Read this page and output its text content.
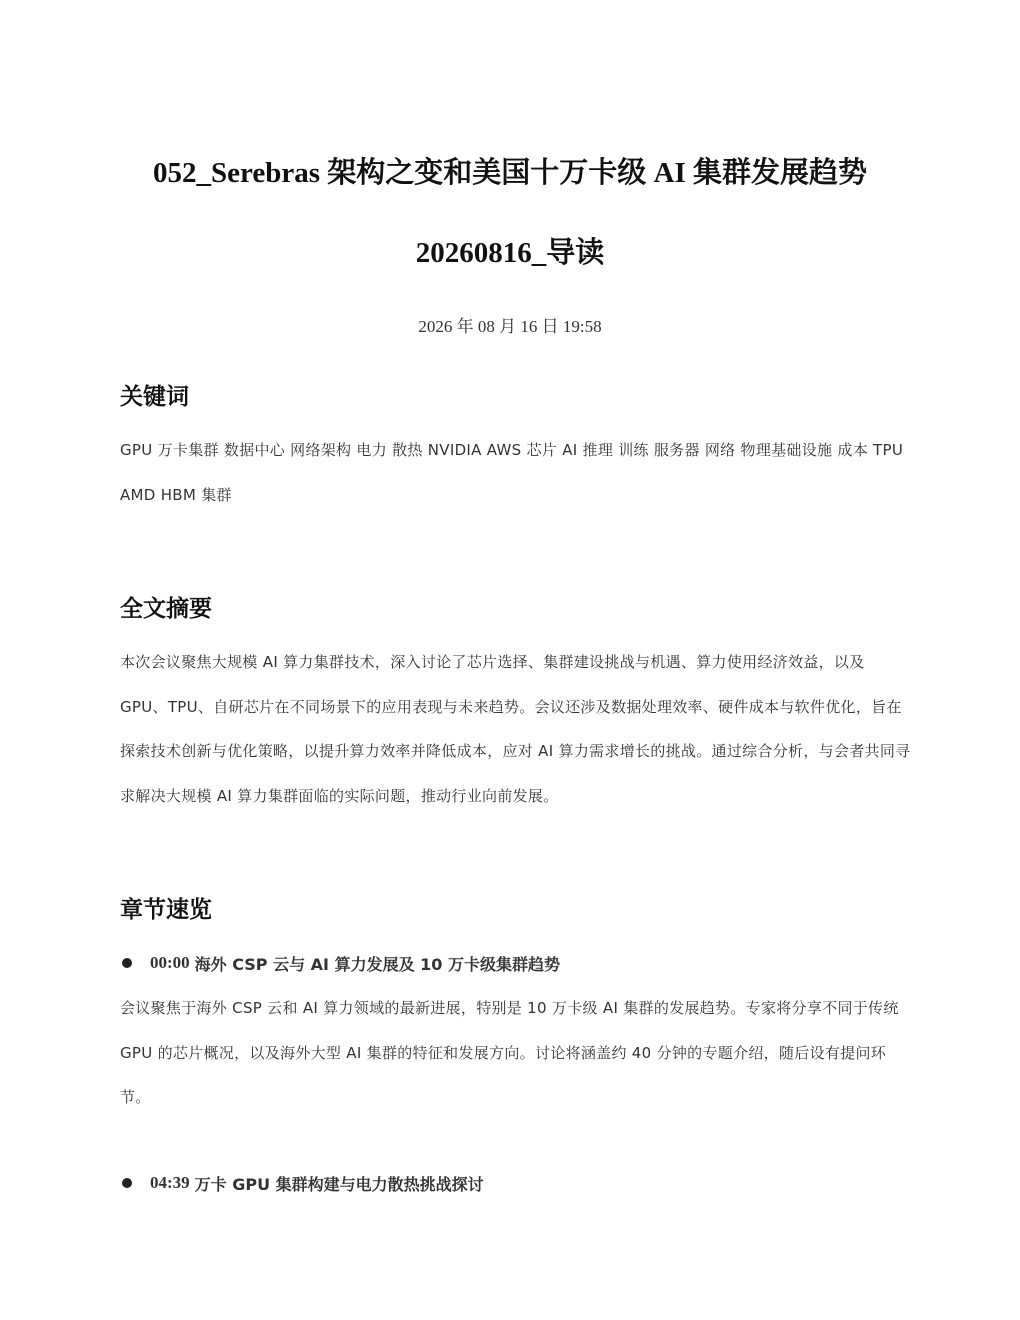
052_Serebras 架构之变和美国十万卡级 AI 集群发展趋势
20260816_导读
2026 年 08 月 16 日 19:58
关键词

GPU 万卡集群 数据中心 网络架构 电力 散热 NVIDIA AWS 芯片 AI 推理 训练 服务器 网络 物理基础设施 成本 TPU AMD HBM 集群

全文摘要

本次会议聚焦大规模 AI 算力集群技术，深入讨论了芯片选择、集群建设挑战与机遇、算力使用经济效益，以及 GPU、TPU、自研芯片在不同场景下的应用表现与未来趋势。会议还涉及数据处理效率、硬件成本与软件优化，旨在探索技术创新与优化策略，以提升算力效率并降低成本，应对 AI 算力需求增长的挑战。通过综合分析，与会者共同寻求解决大规模 AI 算力集群面临的实际问题，推动行业向前发展。

章节速览
00:00 海外 CSP 云与 AI 算力发展及 10 万卡级集群趋势

会议聚焦于海外 CSP 云和 AI 算力领域的最新进展，特别是 10 万卡级 AI 集群的发展趋势。专家将分享不同于传统 GPU 的芯片概况，以及海外大型 AI 集群的特征和发展方向。讨论将涵盖约 40 分钟的专题介绍，随后设有提问环节。

04:39 万卡 GPU 集群构建与电力散热挑战探讨
